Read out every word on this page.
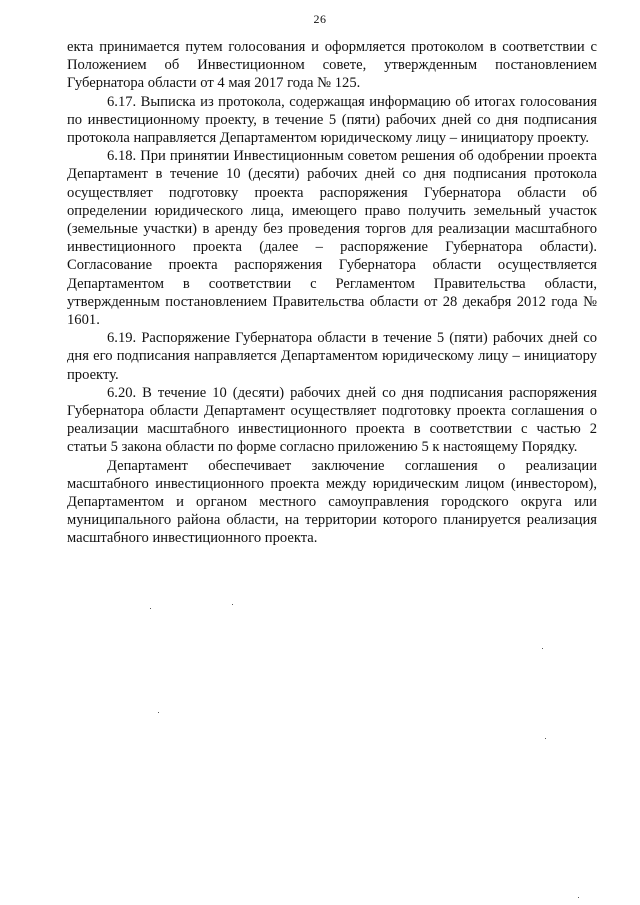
26

екта принимается путем голосования и оформляется протоколом в соответствии с Положением об Инвестиционном совете, утвержденным постановлением Губернатора области от 4 мая 2017 года № 125.

6.17. Выписка из протокола, содержащая информацию об итогах голосования по инвестиционному проекту, в течение 5 (пяти) рабочих дней со дня подписания протокола направляется Департаментом юридическому лицу – инициатору проекту.

6.18. При принятии Инвестиционным советом решения об одобрении проекта Департамент в течение 10 (десяти) рабочих дней со дня подписания протокола осуществляет подготовку проекта распоряжения Губернатора области об определении юридического лица, имеющего право получить земельный участок (земельные участки) в аренду без проведения торгов для реализации масштабного инвестиционного проекта (далее – распоряжение Губернатора области). Согласование проекта распоряжения Губернатора области осуществляется Департаментом в соответствии с Регламентом Правительства области, утвержденным постановлением Правительства области от 28 декабря 2012 года № 1601.

6.19. Распоряжение Губернатора области в течение 5 (пяти) рабочих дней со дня его подписания направляется Департаментом юридическому лицу – инициатору проекту.

6.20. В течение 10 (десяти) рабочих дней со дня подписания распоряжения Губернатора области Департамент осуществляет подготовку проекта соглашения о реализации масштабного инвестиционного проекта в соответствии с частью 2 статьи 5 закона области по форме согласно приложению 5 к настоящему Порядку.

Департамент обеспечивает заключение соглашения о реализации масштабного инвестиционного проекта между юридическим лицом (инвестором), Департаментом и органом местного самоуправления городского округа или муниципального района области, на территории которого планируется реализация масштабного инвестиционного проекта.
